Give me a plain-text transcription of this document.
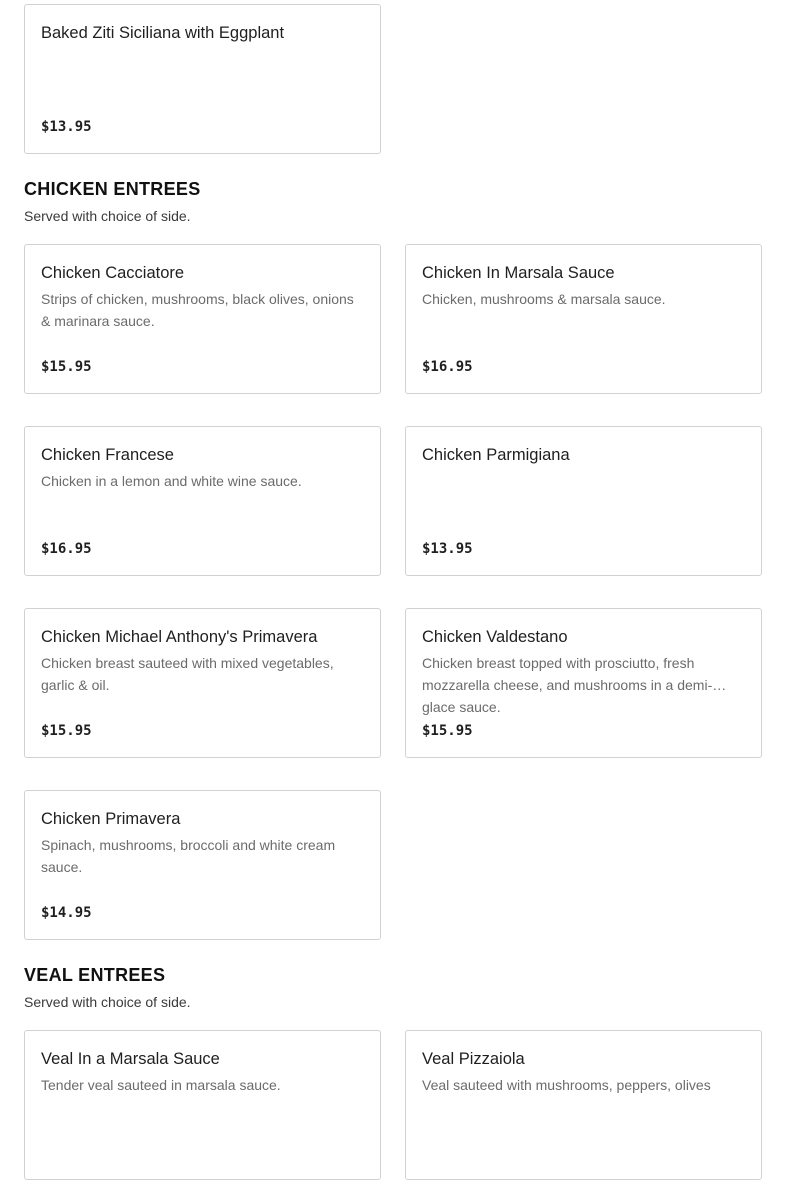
Baked Ziti Siciliana with Eggplant
$13.95
CHICKEN ENTREES
Served with choice of side.
Chicken Cacciatore
Strips of chicken, mushrooms, black olives, onions & marinara sauce.
$15.95
Chicken In Marsala Sauce
Chicken, mushrooms & marsala sauce.
$16.95
Chicken Francese
Chicken in a lemon and white wine sauce.
$16.95
Chicken Parmigiana
$13.95
Chicken Michael Anthony's Primavera
Chicken breast sauteed with mixed vegetables, garlic & oil.
$15.95
Chicken Valdestano
Chicken breast topped with prosciutto, fresh mozzarella cheese, and mushrooms in a demi-glace sauce.
$15.95
Chicken Primavera
Spinach, mushrooms, broccoli and white cream sauce.
$14.95
VEAL ENTREES
Served with choice of side.
Veal In a Marsala Sauce
Tender veal sauteed in marsala sauce.
Veal Pizzaiola
Veal sauteed with mushrooms, peppers, olives
